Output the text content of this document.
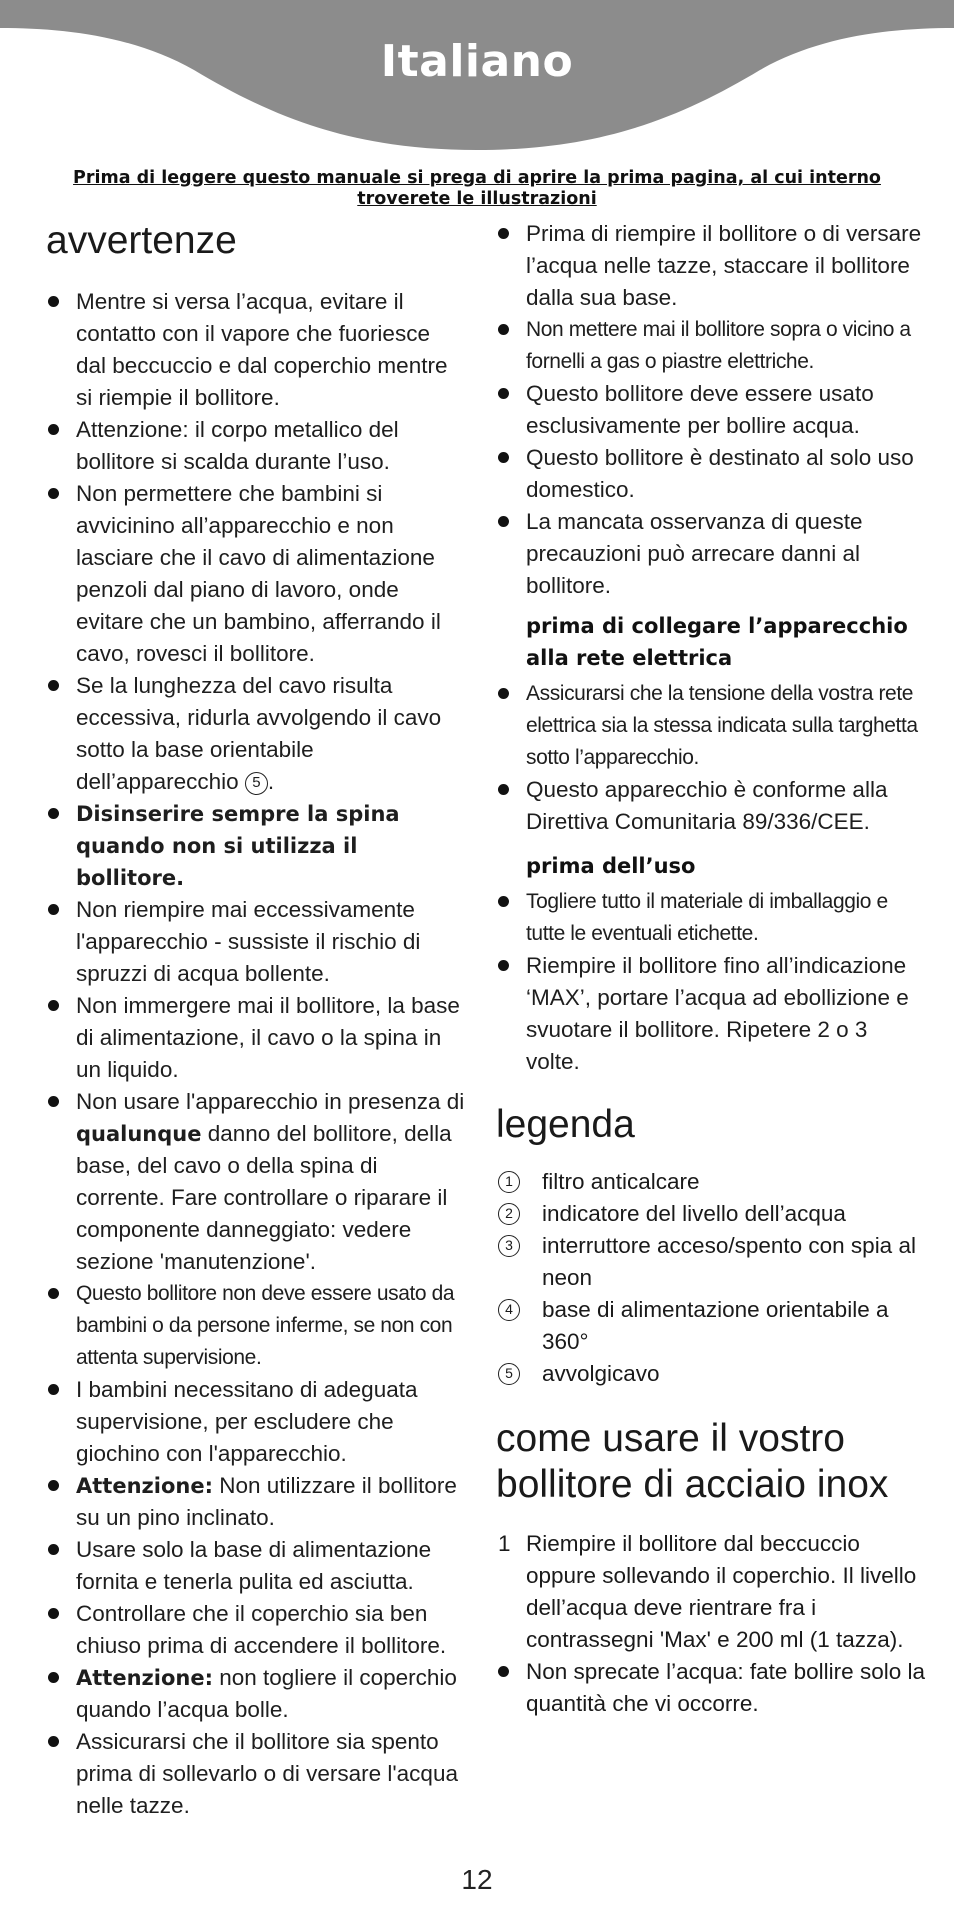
Italiano
Prima di leggere questo manuale si prega di aprire la prima pagina, al cui interno troverete le illustrazioni
avvertenze
Mentre si versa l’acqua, evitare il contatto con il vapore che fuoriesce dal beccuccio e dal coperchio mentre si riempie il bollitore.
Attenzione: il corpo metallico del bollitore si scalda durante l’uso.
Non permettere che bambini si avvicinino all’apparecchio e non lasciare che il cavo di alimentazione penzoli dal piano di lavoro, onde evitare che un bambino, afferrando il cavo, rovesci il bollitore.
Se la lunghezza del cavo risulta eccessiva, ridurla avvolgendo il cavo sotto la base orientabile dell’apparecchio 5 .
Disinserire sempre la spina quando non si utilizza il bollitore.
Non riempire mai eccessivamente l'apparecchio - sussiste il rischio di spruzzi di acqua bollente.
Non immergere mai il bollitore, la base di alimentazione, il cavo o la spina in un liquido.
Non usare l'apparecchio in presenza di qualunque danno del bollitore, della base, del cavo o della spina di corrente. Fare controllare o riparare il componente danneggiato: vedere sezione 'manutenzione'.
Questo bollitore non deve essere usato da bambini o da persone inferme, se non con attenta supervisione.
I bambini necessitano di adeguata supervisione, per escludere che giochino con l'apparecchio.
Attenzione: Non utilizzare il bollitore su un pino inclinato.
Usare solo la base di alimentazione fornita e tenerla pulita ed asciutta.
Controllare che il coperchio sia ben chiuso prima di accendere il bollitore.
Attenzione: non togliere il coperchio quando l’acqua bolle.
Assicurarsi che il bollitore sia spento prima di sollevarlo o di versare l'acqua nelle tazze.
Prima di riempire il bollitore o di versare l’acqua nelle tazze, staccare il bollitore dalla sua base.
Non mettere mai il bollitore sopra o vicino a fornelli a gas o piastre elettriche.
Questo bollitore deve essere usato esclusivamente per bollire acqua.
Questo bollitore è destinato al solo uso domestico.
La mancata osservanza di queste precauzioni può arrecare danni al bollitore.
prima di collegare l’apparecchio alla rete elettrica
Assicurarsi che la tensione della vostra rete elettrica sia la stessa indicata sulla targhetta sotto l’apparecchio.
Questo apparecchio è conforme alla Direttiva Comunitaria 89/336/CEE.
prima dell’uso
Togliere tutto il materiale di imballaggio e tutte le eventuali etichette.
Riempire il bollitore fino all’indicazione ‘MAX’, portare l’acqua ad ebollizione e svuotare il bollitore. Ripetere 2 o 3 volte.
legenda
1	filtro anticalcare
2	indicatore del livello dell’acqua
3	interruttore acceso/spento con spia al neon
4	base di alimentazione orientabile a 360°
5	avvolgicavo
come usare il vostro bollitore di acciaio inox
1 Riempire il bollitore dal beccuccio oppure sollevando il coperchio. Il livello dell’acqua deve rientrare fra i contrassegni 'Max' e 200 ml (1 tazza).
Non sprecate l’acqua: fate bollire solo la quantità che vi occorre.
12
